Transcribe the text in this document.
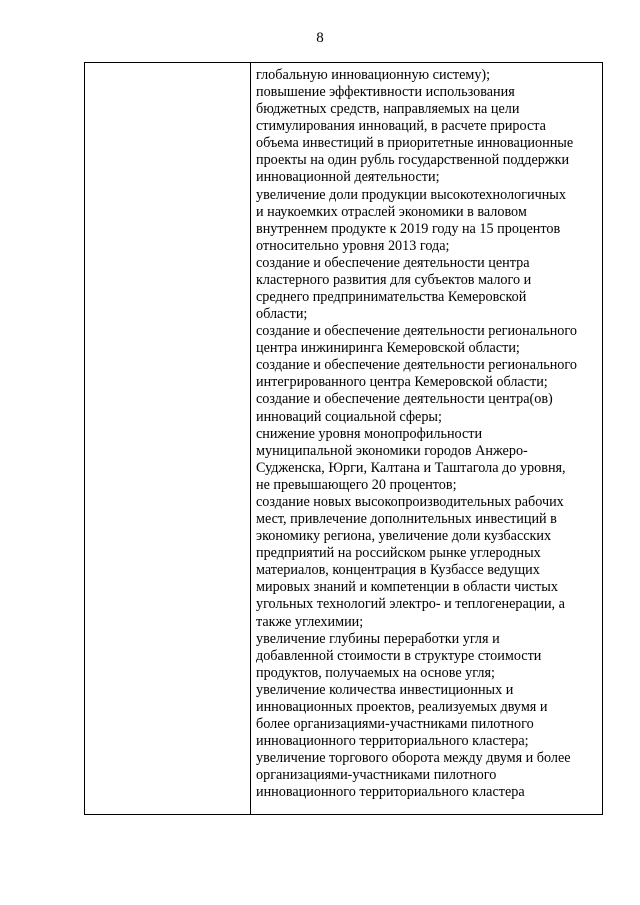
8
глобальную инновационную систему);
повышение эффективности использования
бюджетных средств, направляемых на цели
стимулирования инноваций, в расчете прироста
объема инвестиций в приоритетные инновационные
проекты на один рубль государственной поддержки
инновационной деятельности;
увеличение доли продукции высокотехнологичных
и наукоемких отраслей экономики в валовом
внутреннем продукте к 2019 году на 15 процентов
относительно уровня 2013 года;
создание и обеспечение деятельности центра
кластерного развития для субъектов малого и
среднего предпринимательства Кемеровской
области;
создание и обеспечение деятельности регионального
центра инжиниринга Кемеровской области;
создание и обеспечение деятельности регионального
интегрированного центра Кемеровской области;
создание и обеспечение деятельности центра(ов)
инноваций социальной сферы;
снижение уровня монопрофильности
муниципальной экономики городов Анжеро-
Судженска, Юрги, Калтана и Таштагола до уровня,
не превышающего 20 процентов;
создание новых высокопроизводительных рабочих
мест, привлечение дополнительных инвестиций в
экономику региона, увеличение доли кузбасских
предприятий на российском рынке углеродных
материалов, концентрация в Кузбассе ведущих
мировых знаний и компетенции в области чистых
угольных технологий электро- и теплогенерации, а
также углехимии;
увеличение глубины переработки угля и
добавленной стоимости в структуре стоимости
продуктов, получаемых на основе угля;
увеличение количества инвестиционных и
инновационных проектов, реализуемых двумя и
более организациями-участниками пилотного
инновационного территориального кластера;
увеличение торгового оборота между двумя и более
организациями-участниками пилотного
инновационного территориального кластера
